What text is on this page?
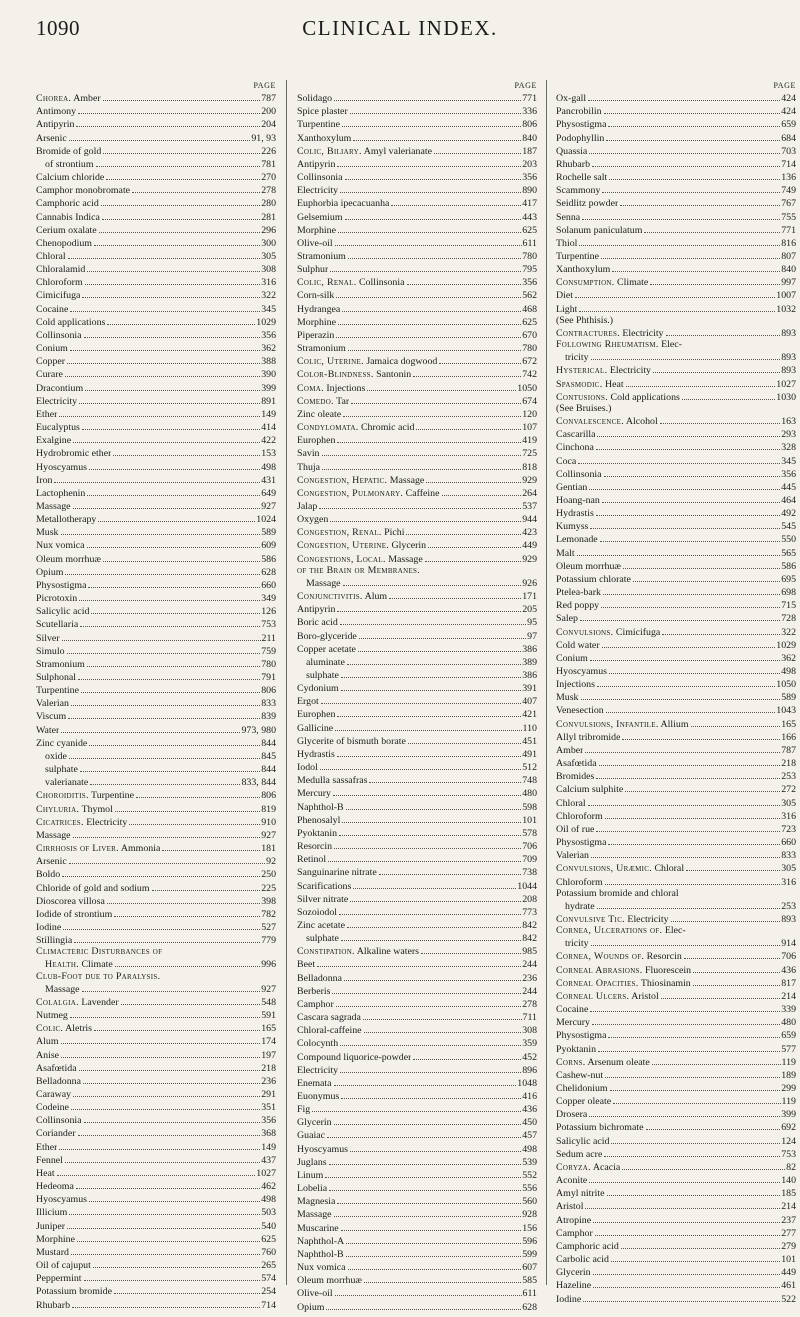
1090	CLINICAL INDEX.
PAGE
Chorea. Amber	787
Antimony	200
Antipyrin	204
Arsenic	91, 93
Bromide of gold	226
of strontium	781
Calcium chloride	270
Camphor monobromate	278
Camphoric acid	280
Cannabis Indica	281
Cerium oxalate	296
Chenopodium	300
Chloral	305
Chloralamid	308
Chloroform	316
Cimicifuga	322
Cocaine	345
Cold applications	1029
Collinsonia	356
Conium	362
Copper	388
Curare	390
Dracontium	399
Electricity	891
Ether	149
Eucalyptus	414
Exalgine	422
Hydrobromic ether	153
Hyoscyamus	498
Iron	431
Lactophenin	649
Massage	927
Metallotherapy	1024
Musk	589
Nux vomica	609
Oleum morrhuæ	586
Opium	628
Physostigma	660
Picrotoxin	349
Salicylic acid	126
Scutellaria	753
Silver	211
Simulo	759
Stramonium	780
Sulphonal	791
Turpentine	806
Valerian	833
Viscum	839
Water	973, 980
Zinc cyanide	844
oxide	845
sulphate	844
valerianate	833, 844
Choroiditis. Turpentine	806
Chyluria. Thymol	819
Cicatrices. Electricity	910
Massage	927
Cirrhosis of Liver. Ammonia	181
Arsenic	92
Boldo	250
Chloride of gold and sodium	225
Dioscorea villosa	398
Iodide of strontium	782
Iodine	527
Stillingia	779
Climacteric Disturbances of
Health. Climate	996
Club-Foot due to Paralysis.
Massage	927
Colalgia. Lavender	548
Nutmeg	591
Colic. Aletris	165
Alum	174
Anise	197
Asafœtida	218
Belladonna	236
Caraway	291
Codeine	351
Collinsonia	356
Coriander	368
Ether	149
Fennel	437
Heat	1027
Hedeoma	462
Hyoscyamus	498
Illicium	503
Juniper	540
Morphine	625
Mustard	760
Oil of cajuput	265
Peppermint	574
Potassium bromide	254
Rhubarb	714
PAGE
Solidago	771
Spice plaster	336
Turpentine	806
Xanthoxylum	840
Colic, Biliary. Amyl valerianate	187
Antipyrin	203
Collinsonia	356
Electricity	890
Euphorbia ipecacuanha	417
Gelsemium	443
Morphine	625
Olive-oil	611
Stramonium	780
Sulphur	795
Colic, Renal. Collinsonia	356
Corn-silk	562
Hydrangea	468
Morphine	625
Piperazin	670
Stramonium	780
Colic, Uterine. Jamaica dogwood	672
Color-Blindness. Santonin	742
Coma. Injections	1050
Comedo. Tar	674
Zinc oleate	120
Condylomata. Chromic acid	107
Europhen	419
Savin	725
Thuja	818
Congestion, Hepatic. Massage	929
Congestion, Pulmonary. Caffeine	264
Jalap	537
Oxygen	944
Congestion, Renal. Pichi	423
Congestion, Uterine. Glycerin	449
Congestions, Local. Massage	929
of the Brain or Membranes.
Massage	926
Conjunctivitis. Alum	171
Antipyrin	205
Boric acid	95
Boro-glyceride	97
Copper acetate	386
aluminate	389
sulphate	386
Cydonium	391
Ergot	407
Europhen	421
Gallicine	110
Glycerite of bismuth borate	451
Hydrastis	491
Iodol	512
Medulla sassafras	748
Mercury	480
Naphthol-B	598
Phenosalyl	101
Pyoktanin	578
Resorcin	706
Retinol	709
Sanguinarine nitrate	738
Scarifications	1044
Silver nitrate	208
Sozoiodol	773
Zinc acetate	842
sulphate	842
Constipation. Alkaline waters	985
Beet	244
Belladonna	236
Berberis	244
Camphor	278
Cascara sagrada	711
Chloral-caffeine	308
Colocynth	359
Compound liquorice-powder	452
Electricity	896
Enemata	1048
Euonymus	416
Fig	436
Glycerin	450
Guaiac	457
Hyoscyamus	498
Juglans	539
Linum	552
Lobelia	556
Magnesia	560
Massage	928
Muscarine	156
Naphthol-A	596
Naphthol-B	599
Nux vomica	607
Oleum morrhuæ	585
Olive-oil	611
Opium	628
PAGE
Ox-gall	424
Pancrobilin	424
Physostigma	659
Podophyllin	684
Quassia	703
Rhubarb	714
Rochelle salt	136
Scammony	749
Seidlitz powder	767
Senna	755
Solanum paniculatum	771
Thiol	816
Turpentine	807
Xanthoxylum	840
Consumption. Climate	997
Diet	1007
Light	1032
(See Phthisis.)
Contractures. Electricity	893
Following Rheumatism. Elec-
tricity	893
Hysterical. Electricity	893
Spasmodic. Heat	1027
Contusions. Cold applications	1030
(See Bruises.)
Convalescence. Alcohol	163
Cascarilla	293
Cinchona	328
Coca	345
Collinsonia	356
Gentian	445
Hoang-nan	464
Hydrastis	492
Kumyss	545
Lemonade	550
Malt	565
Oleum morrhuæ	586
Potassium chlorate	695
Ptelea-bark	698
Red poppy	715
Salep	728
Convulsions. Cimicifuga	322
Cold water	1029
Conium	362
Hyoscyamus	498
Injections	1050
Musk	589
Venesection	1043
Convulsions, Infantile. Allium	165
Allyl tribromide	166
Amber	787
Asafœtida	218
Bromides	253
Calcium sulphite	272
Chloral	305
Chloroform	316
Oil of rue	723
Physostigma	660
Valerian	833
Convulsions, Uræmic. Chloral	305
Chloroform	316
Potassium bromide and chloral
hydrate	253
Convulsive Tic. Electricity	893
Cornea, Ulcerations of. Elec-
tricity	914
Cornea, Wounds of. Resorcin	706
Corneal Abrasions. Fluorescein	436
Corneal Opacities. Thiosinamin	817
Corneal Ulcers. Aristol	214
Cocaine	339
Mercury	480
Physostigma	659
Pyoktanin	577
Corns. Arsenum oleate	119
Cashew-nut	189
Chelidonium	299
Copper oleate	119
Drosera	399
Potassium bichromate	692
Salicylic acid	124
Sedum acre	753
Coryza. Acacia	82
Aconite	140
Amyl nitrite	185
Aristol	214
Atropine	237
Camphor	277
Camphoric acid	279
Carbolic acid	101
Glycerin	449
Hazeline	461
Iodine	522
